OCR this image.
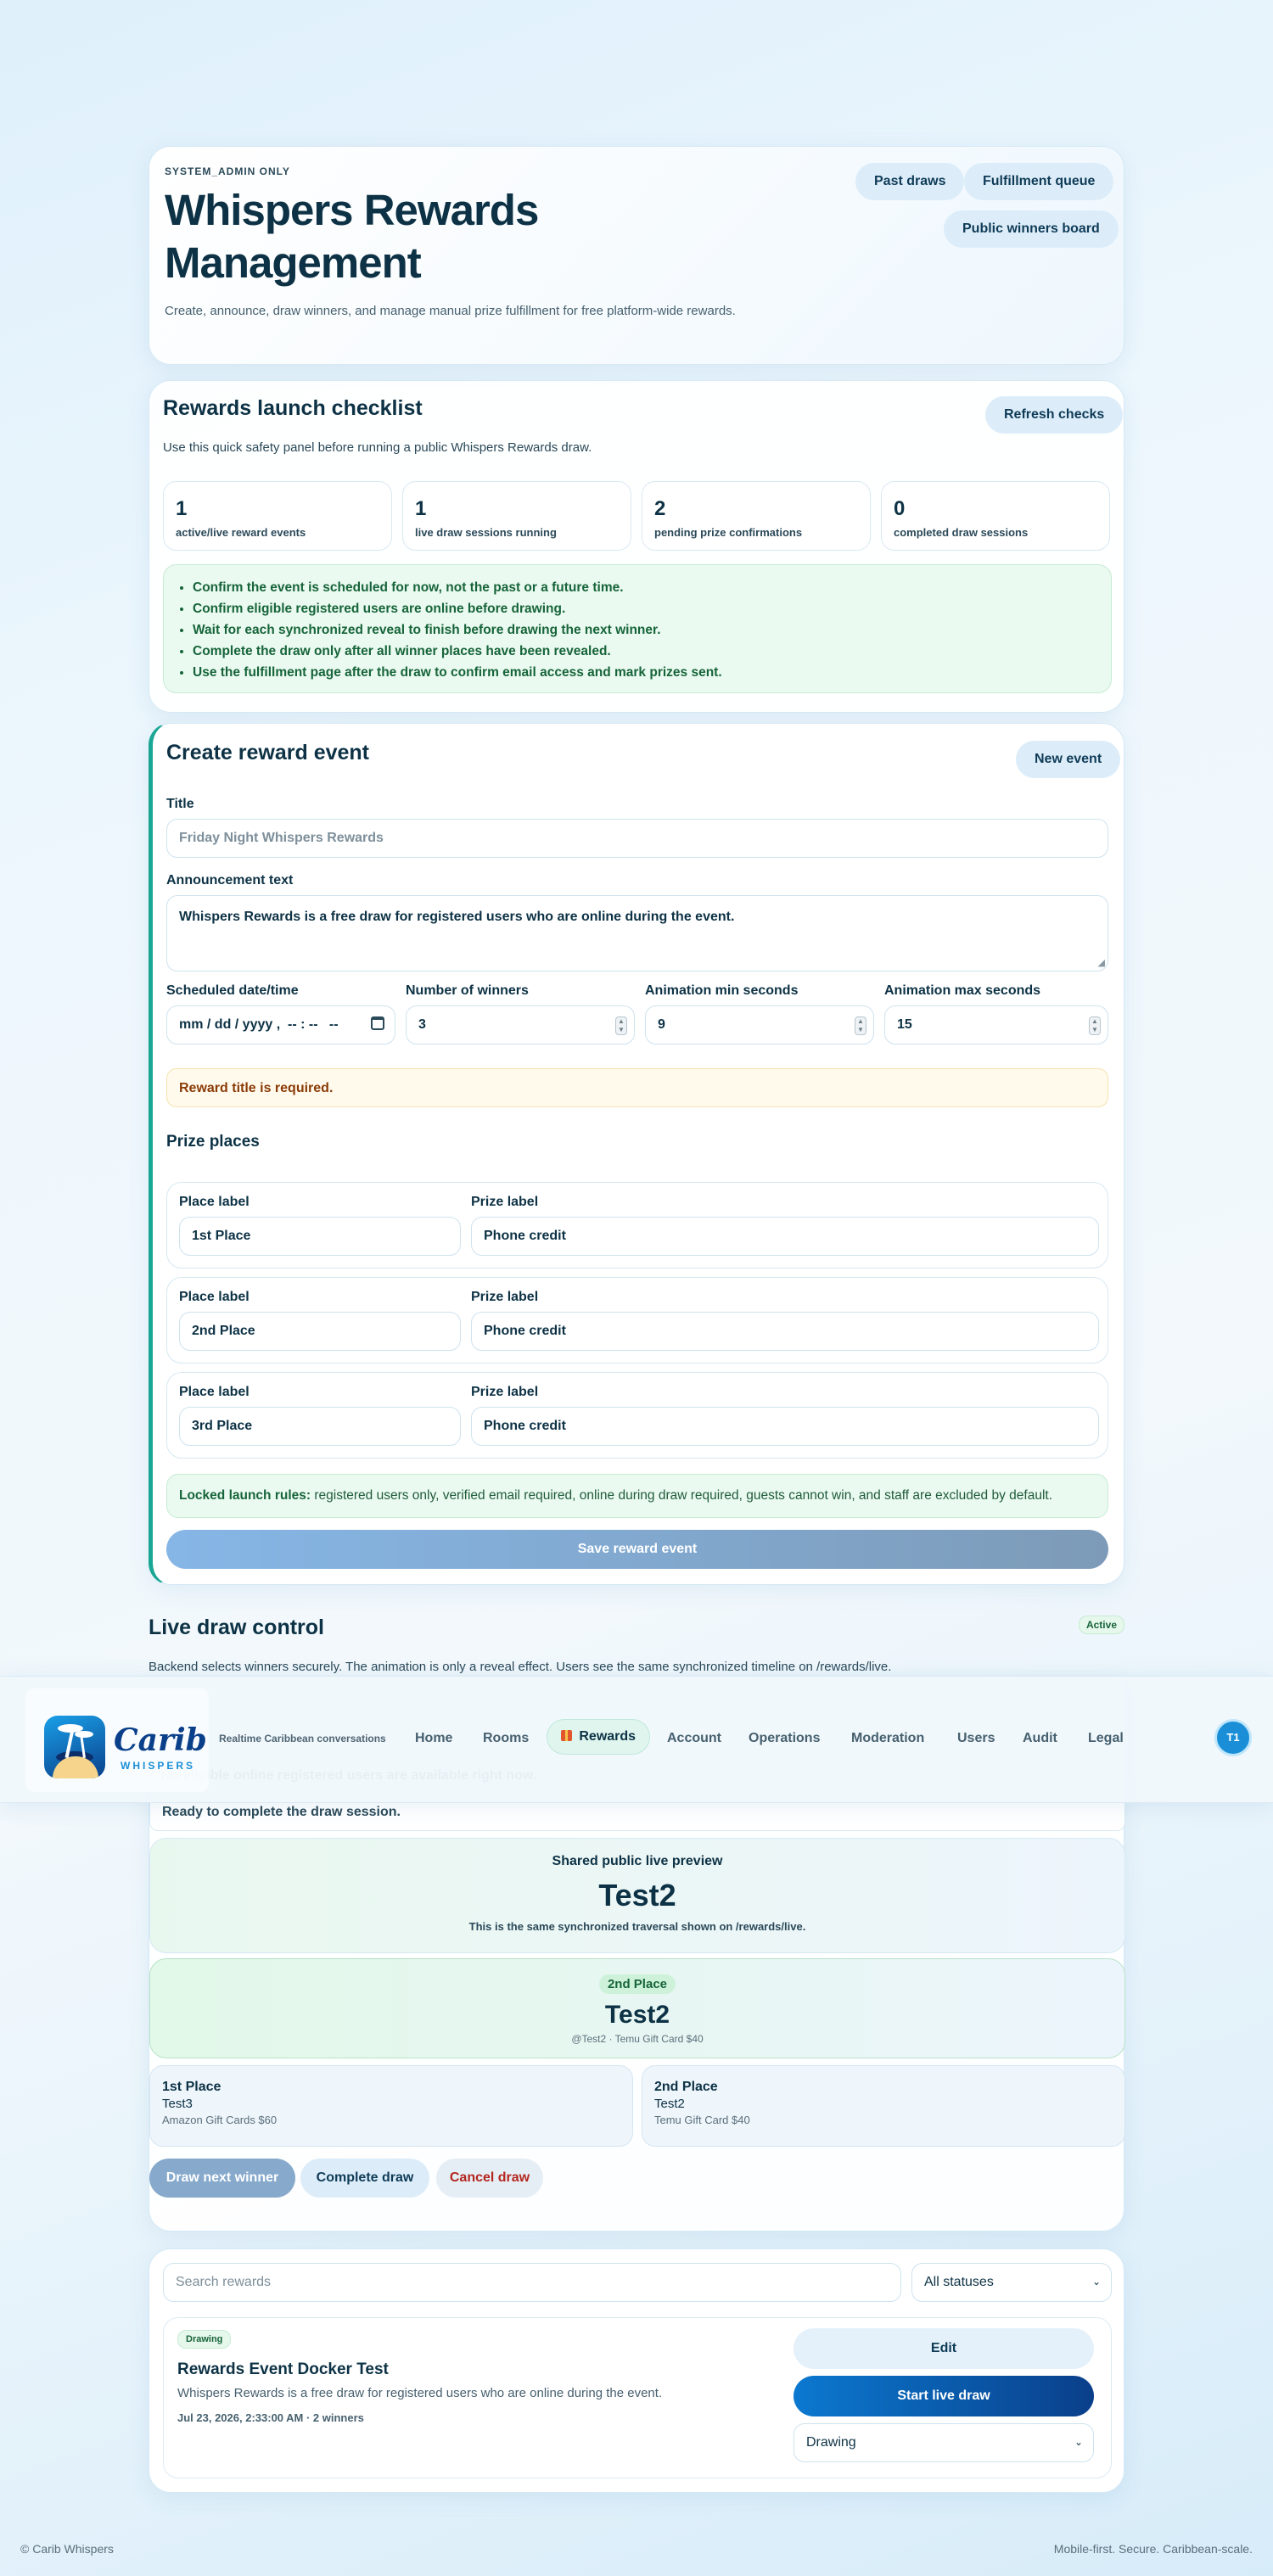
SYSTEM_ADMIN ONLY
Whispers Rewards
Management
Create, announce, draw winners, and manage manual prize fulfillment for free platform-wide rewards.
Past draws	Fulfillment queue
Public winners board
Rewards launch checklist	Refresh checks
Use this quick safety panel before running a public Whispers Rewards draw.
1
active/live reward events
1
live draw sessions running
2
pending prize confirmations
0
completed draw sessions
• Confirm the event is scheduled for now, not the past or a future time.
• Confirm eligible registered users are online before drawing.
• Wait for each synchronized reveal to finish before drawing the next winner.
• Complete the draw only after all winner places have been revealed.
• Use the fulfillment page after the draw to confirm email access and mark prizes sent.
Create reward event	New event
Title
Friday Night Whispers Rewards
Announcement text
Whispers Rewards is a free draw for registered users who are online during the event.
◢
Scheduled date/time
mm / dd / yyyy ,  -- : --   --
Number of winners
3	▲
▼
Animation min seconds
9	▲
▼
Animation max seconds
15	▲
▼
Reward title is required.
Prize places
Place label	Prize label
1st Place	Phone credit
Place label	Prize label
2nd Place	Phone credit
Place label	Prize label
3rd Place	Phone credit
Locked launch rules: registered users only, verified email required, online during draw required, guests cannot win, and staff are excluded by default.
Save reward event
Live draw control	Active
Backend selects winners securely. The animation is only a reveal effect. Users see the same synchronized timeline on /rewards/live.
Ready to complete the draw session.
Shared public live preview
Test2
This is the same synchronized traversal shown on /rewards/live.
2nd Place
Test2
@Test2 · Temu Gift Card $40
1st Place
Test3
Amazon Gift Cards $60
2nd Place
Test2
Temu Gift Card $40
Draw next winner	Complete draw	Cancel draw
Carib
WHISPERS
Realtime Caribbean conversations Home Rooms	Rewards	Account Operations Moderation Users Audit Legal	T1
Search rewards	All statuses	⌄
Drawing
Rewards Event Docker Test
Whispers Rewards is a free draw for registered users who are online during the event.
Jul 23, 2026, 2:33:00 AM · 2 winners
Edit
Start live draw
Drawing	⌄
© Carib Whispers	Mobile-first. Secure. Caribbean-scale.
